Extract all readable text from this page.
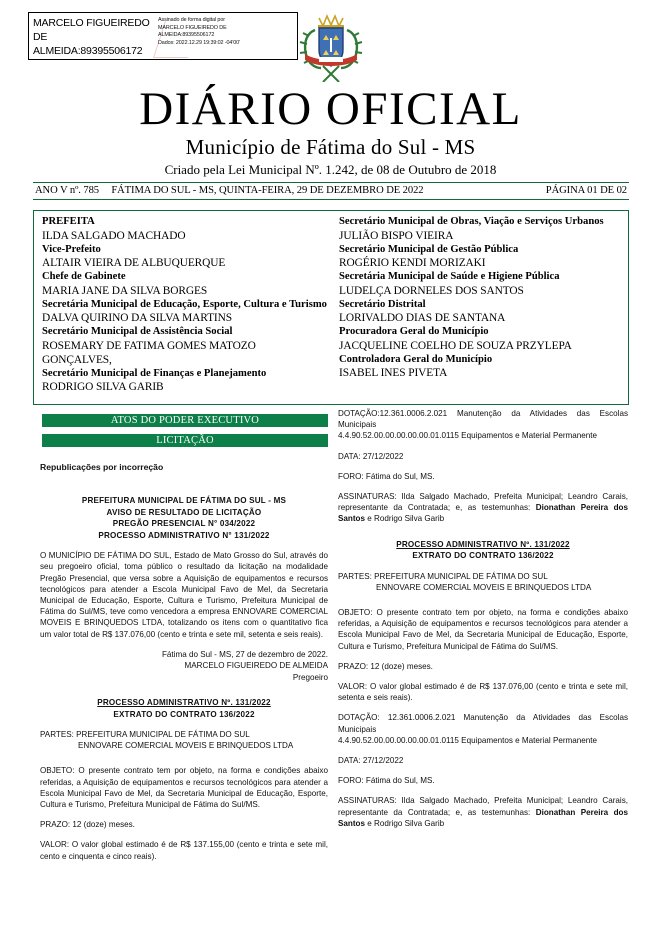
MARCELO FIGUEIREDO
DE
ALMEIDA:89395506172
Assinado de forma digital por
MARCELO FIGUEIREDO DE
ALMEIDA:89395506172
Dados: 2022.12.29 19:39:02 -04'00'
DIÁRIO OFICIAL
Município de Fátima do Sul - MS
Criado pela Lei Municipal Nº. 1.242, de 08 de Outubro de 2018
ANO V nº. 785 FÁTIMA DO SUL - MS, QUINTA-FEIRA, 29 DE DEZEMBRO DE 2022	PÁGINA 01 DE 02
PREFEITA
ILDA SALGADO MACHADO
Vice-Prefeito
ALTAIR VIEIRA DE ALBUQUERQUE
Chefe de Gabinete
MARIA JANE DA SILVA BORGES
Secretária Municipal de Educação, Esporte, Cultura e Turismo
DALVA QUIRINO DA SILVA MARTINS
Secretário Municipal de Assistência Social
ROSEMARY DE FATIMA GOMES MATOZO GONÇALVES,
Secretário Municipal de Finanças e Planejamento
RODRIGO SILVA GARIB
Secretário Municipal de Obras, Viação e Serviços Urbanos
JULIÃO BISPO VIEIRA
Secretário Municipal de Gestão Pública
ROGÉRIO KENDI MORIZAKI
Secretária Municipal de Saúde e Higiene Pública
LUDELÇA DORNELES DOS SANTOS
Secretário Distrital
LORIVALDO DIAS DE SANTANA
Procuradora Geral do Município
JACQUELINE COELHO DE SOUZA PRZYLEPA
Controladora Geral do Município
ISABEL INES PIVETA
ATOS DO PODER EXECUTIVO
LICITAÇÃO
Republicações por incorreção
PREFEITURA MUNICIPAL DE FÁTIMA DO SUL - MS
AVISO DE RESULTADO DE LICITAÇÃO
PREGÃO PRESENCIAL N° 034/2022
PROCESSO ADMINISTRATIVO N° 131/2022
O MUNICÍPIO DE FÁTIMA DO SUL, Estado de Mato Grosso do Sul, através do seu pregoeiro oficial, toma público o resultado da licitação na modalidade Pregão Presencial, que versa sobre a Aquisição de equipamentos e recursos tecnológicos para atender a Escola Municipal Favo de Mel, da Secretaria Municipal de Educação, Esporte, Cultura e Turismo, Prefeitura Municipal de Fátima do Sul/MS, teve como vencedora a empresa ENNOVARE COMERCIAL MOVEIS E BRINQUEDOS LTDA, totalizando os itens com o quantitativo fica um valor total de R$ 137.076,00 (cento e trinta e sete mil, setenta e seis reais).
Fátima do Sul - MS, 27 de dezembro de 2022.
MARCELO FIGUEIREDO DE ALMEIDA
Pregoeiro
PROCESSO ADMINISTRATIVO Nº. 131/2022
EXTRATO DO CONTRATO 136/2022
PARTES: PREFEITURA MUNICIPAL DE FÁTIMA DO SUL
ENNOVARE COMERCIAL MOVEIS E BRINQUEDOS LTDA
OBJETO: O presente contrato tem por objeto, na forma e condições abaixo referidas, a Aquisição de equipamentos e recursos tecnológicos para atender a Escola Municipal Favo de Mel, da Secretaria Municipal de Educação, Esporte, Cultura e Turismo, Prefeitura Municipal de Fátima do Sul/MS.
PRAZO: 12 (doze) meses.
VALOR: O valor global estimado é de R$ 137.155,00 (cento e trinta e sete mil, cento e cinquenta e cinco reais).
DOTAÇÃO:12.361.0006.2.021 Manutenção da Atividades das Escolas Municipais
4.4.90.52.00.00.00.00.00.01.0115 Equipamentos e Material Permanente
DATA: 27/12/2022
FORO: Fátima do Sul, MS.
ASSINATURAS: Ilda Salgado Machado, Prefeita Municipal; Leandro Carais, representante da Contratada; e, as testemunhas: Dionathan Pereira dos Santos e Rodrigo Silva Garib
PROCESSO ADMINISTRATIVO Nº. 131/2022
EXTRATO DO CONTRATO 136/2022
PARTES: PREFEITURA MUNICIPAL DE FÁTIMA DO SUL
ENNOVARE COMERCIAL MOVEIS E BRINQUEDOS LTDA
OBJETO: O presente contrato tem por objeto, na forma e condições abaixo referidas, a Aquisição de equipamentos e recursos tecnológicos para atender a Escola Municipal Favo de Mel, da Secretaria Municipal de Educação, Esporte, Cultura e Turismo, Prefeitura Municipal de Fátima do Sul/MS.
PRAZO: 12 (doze) meses.
VALOR: O valor global estimado é de R$ 137.076,00 (cento e trinta e sete mil, setenta e seis reais).
DOTAÇÃO: 12.361.0006.2.021 Manutenção da Atividades das Escolas Municipais
4.4.90.52.00.00.00.00.00.01.0115 Equipamentos e Material Permanente
DATA: 27/12/2022
FORO: Fátima do Sul, MS.
ASSINATURAS: Ilda Salgado Machado, Prefeita Municipal; Leandro Carais, representante da Contratada; e, as testemunhas: Dionathan Pereira dos Santos e Rodrigo Silva Garib
